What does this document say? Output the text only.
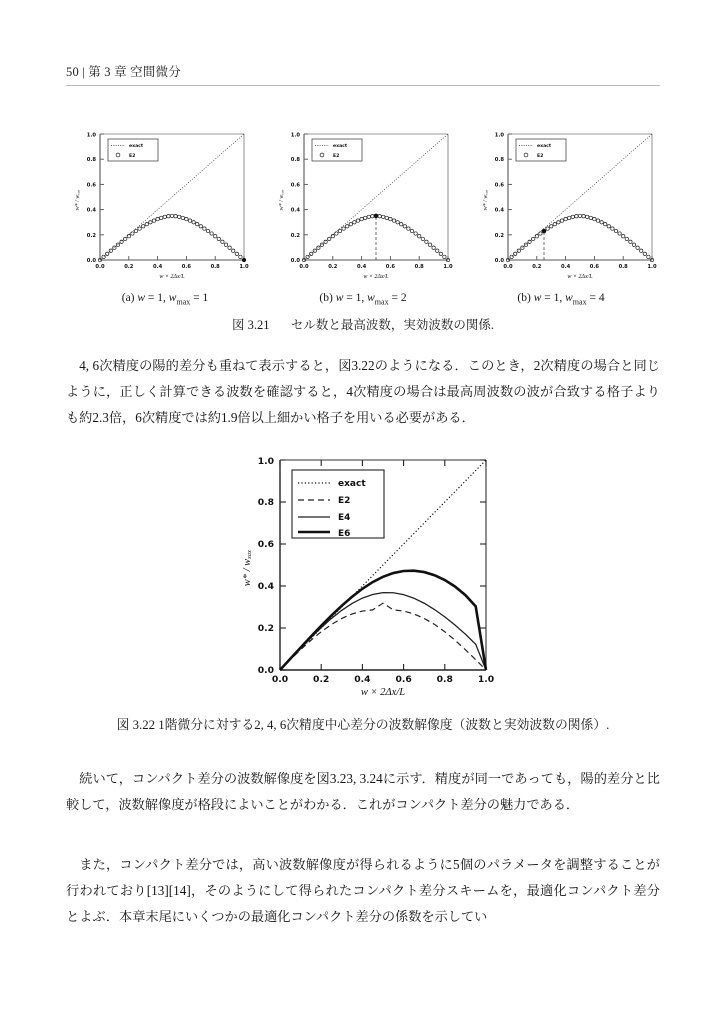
50 | 第 3 章 空間微分
0.0	0.2	0.4	0.6	0.8	1.0
0.0
0.2
0.4
0.6
0.8
1.0
w × 2Δx/L
w* / wₓₐₓ
exact
E2
0.0	0.2	0.4	0.6	0.8	1.0
0.0
0.2
0.4
0.6
0.8
1.0
w × 2Δx/L
w* / wₓₐₓ
exact
E2
0.0	0.2	0.4	0.6	0.8	1.0
0.0
0.2
0.4
0.6
0.8
1.0
w × 2Δx/L
w* / wₓₐₓ
exact
E2
(a) w = 1, $w_{max} = 1$	(b) w = 1, $w_{max} = 2$	(b) w = 1, $w_{max} = 4$
図 3.21 セル数と最高波数，実効波数の関係.

4, 6次精度の陽的差分も重ねて表示すると，図3.22のようになる．このとき，2次精度の場合と同じように，正しく計算できる波数を確認すると，4次精度の場合は最高周波数の波が合致する格子よりも約2.3倍，6次精度では約1.9倍以上細かい格子を用いる必要がある．

0.0	0.2	0.4	0.6	0.8	1.0
0.0
0.2
0.4
0.6
0.8
1.0
w × 2Δx/L
w* / wₓₐₓ
exact
E2
E4
E6
図 3.22 1階微分に対する2, 4, 6次精度中心差分の波数解像度（波数と実効波数の関係）.

続いて，コンパクト差分の波数解像度を図3.23, 3.24に示す．精度が同一であっても，陽的差分と比較して，波数解像度が格段によいことがわかる．これがコンパクト差分の魅力である．

また，コンパクト差分では，高い波数解像度が得られるように5個のパラメータを調整することが行われており[13][14]，そのようにして得られたコンパクト差分スキームを，最適化コンパクト差分とよぶ．本章末尾にいくつかの最適化コンパクト差分の係数を示してい
